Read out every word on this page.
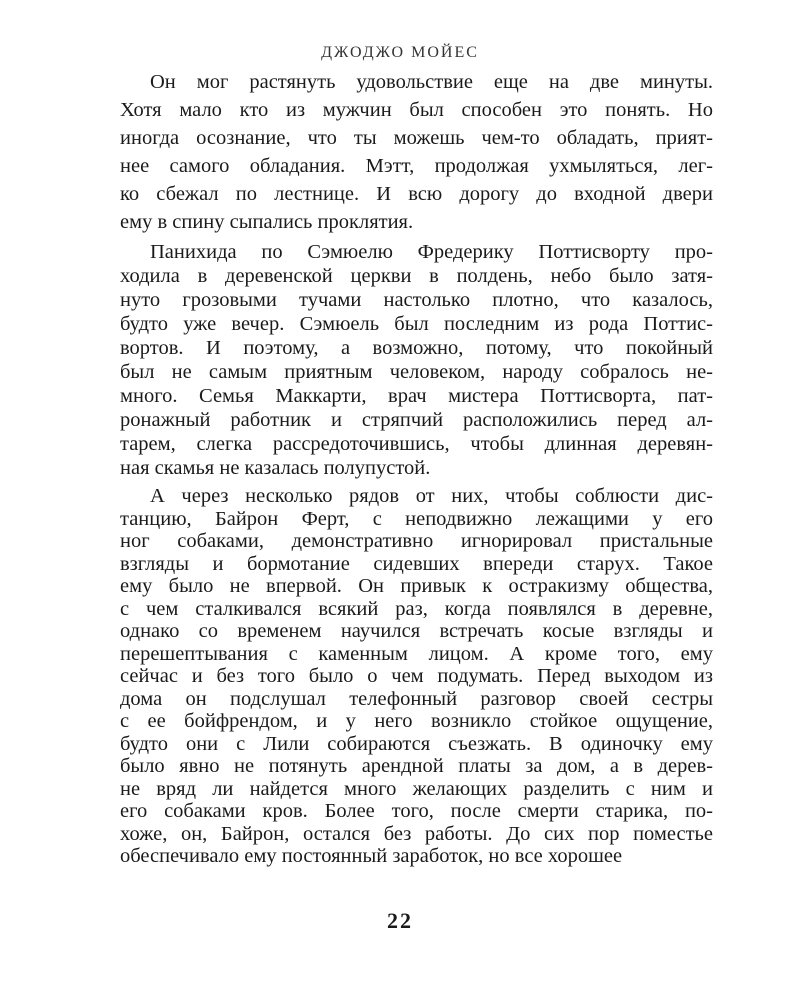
ДЖОДЖО МОЙЕС
Он мог растянуть удовольствие еще на две минуты.
Хотя мало кто из мужчин был способен это понять. Но
иногда осознание, что ты можешь чем-то обладать, прият-
нее самого обладания. Мэтт, продолжая ухмыляться, лег-
ко сбежал по лестнице. И всю дорогу до входной двери
ему в спину сыпались проклятия.
Панихида по Сэмюелю Фредерику Поттисворту про-
ходила в деревенской церкви в полдень, небо было затя-
нуто грозовыми тучами настолько плотно, что казалось,
будто уже вечер. Сэмюель был последним из рода Поттис-
вортов. И поэтому, а возможно, потому, что покойный
был не самым приятным человеком, народу собралось не-
много. Семья Маккарти, врач мистера Поттисворта, пат-
ронажный работник и стряпчий расположились перед ал-
тарем, слегка рассредоточившись, чтобы длинная деревян-
ная скамья не казалась полупустой.
А через несколько рядов от них, чтобы соблюсти дис-
танцию, Байрон Ферт, с неподвижно лежащими у его
ног собаками, демонстративно игнорировал пристальные
взгляды и бормотание сидевших впереди старух. Такое
ему было не впервой. Он привык к остракизму общества,
с чем сталкивался всякий раз, когда появлялся в деревне,
однако со временем научился встречать косые взгляды и
перешептывания с каменным лицом. А кроме того, ему
сейчас и без того было о чем подумать. Перед выходом из
дома он подслушал телефонный разговор своей сестры
с ее бойфрендом, и у него возникло стойкое ощущение,
будто они с Лили собираются съезжать. В одиночку ему
было явно не потянуть арендной платы за дом, а в дерев-
не вряд ли найдется много желающих разделить с ним и
его собаками кров. Более того, после смерти старика, по-
хоже, он, Байрон, остался без работы. До сих пор поместье
обеспечивало ему постоянный заработок, но все хорошее
22
